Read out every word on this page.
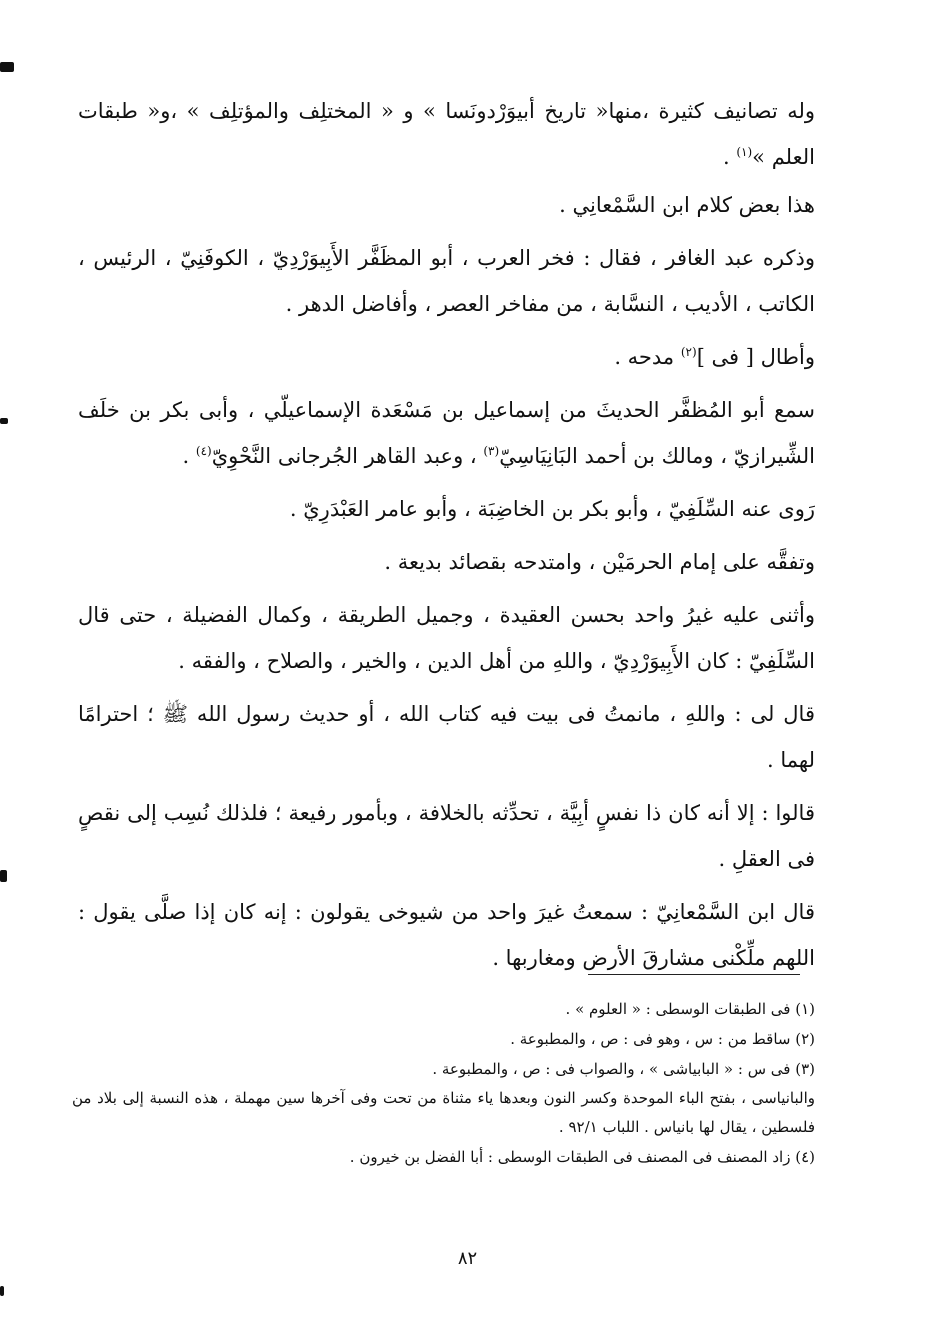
وله تصانيف كثيرة ،منها« تاريخ أبيوَرْدونَسا » و « المختلِف والمؤتلِف » ،و« طبقات العلم »$^{(١)}$ .

هذا بعض كلام ابن السَّمْعانِي .

وذكره عبد الغافر ، فقال : فخر العرب ، أبو المظَفَّر الأَبِيوَرْدِيّ ، الكوفَنِيّ ، الرئيس ، الكاتب ، الأديب ، النسَّابة ، من مفاخر العصر ، وأفاضل الدهر .

وأطال [ فى ]$^{(٢)}$ مدحه .

سمع أبو المُظفَّر الحديثَ من إسماعيل بن مَسْعَدة الإسماعيلّي ، وأبى بكر بن خلَف الشِّيرازيّ ، ومالك بن أحمد البَانِيَاسِيّ$^{(٣)}$ ، وعبد القاهر الجُرجانى النَّحْوِيّ$^{(٤)}$ .

رَوى عنه السِّلَفِيّ ، وأبو بكر بن الخاضِبَة ، وأبو عامر العَبْدَرِيّ .

وتفقَّه على إمام الحرمَيْن ، وامتدحه بقصائد بديعة .

وأثنى عليه غيرُ واحد بحسن العقيدة ، وجميل الطريقة ، وكمال الفضيلة ، حتى قال السِّلَفِيّ : كان الأَبِيوَرْدِيّ ، واللهِ من أهل الدين ، والخير ، والصلاح ، والفقه .

قال لى : واللهِ ، مانمتُ فى بيت فيه كتاب الله ، أو حديث رسول الله ﷺ ؛ احترامًا لهما .

قالوا : إلا أنه كان ذا نفسٍ أبِيَّة ، تحدِّثه بالخلافة ، وبأمور رفيعة ؛ فلذلك نُسِب إلى نقصٍ فى العقلِ .

قال ابن السَّمْعانِيّ : سمعتُ غيرَ واحد من شيوخى يقولون : إنه كان إذا صلَّى يقول : اللهم ملِّكْنى مشارقَ الأرض ومغاربها .

(١) فى الطبقات الوسطى : « العلوم » .

(٢) ساقط من : س ، وهو فى : ص ، والمطبوعة .

(٣) فى س : « البابياشى » ، والصواب فى : ص ، والمطبوعة .

والبانياسى ، بفتح الباء الموحدة وكسر النون وبعدها ياء مثناة من تحت وفى آخرها سين مهملة ، هذه النسبة إلى بلاد من فلسطين ، يقال لها بانياس . اللباب ٩٢/١ .

(٤) زاد المصنف فى المصنف فى الطبقات الوسطى : أبا الفضل بن خيرون .

٨٢
